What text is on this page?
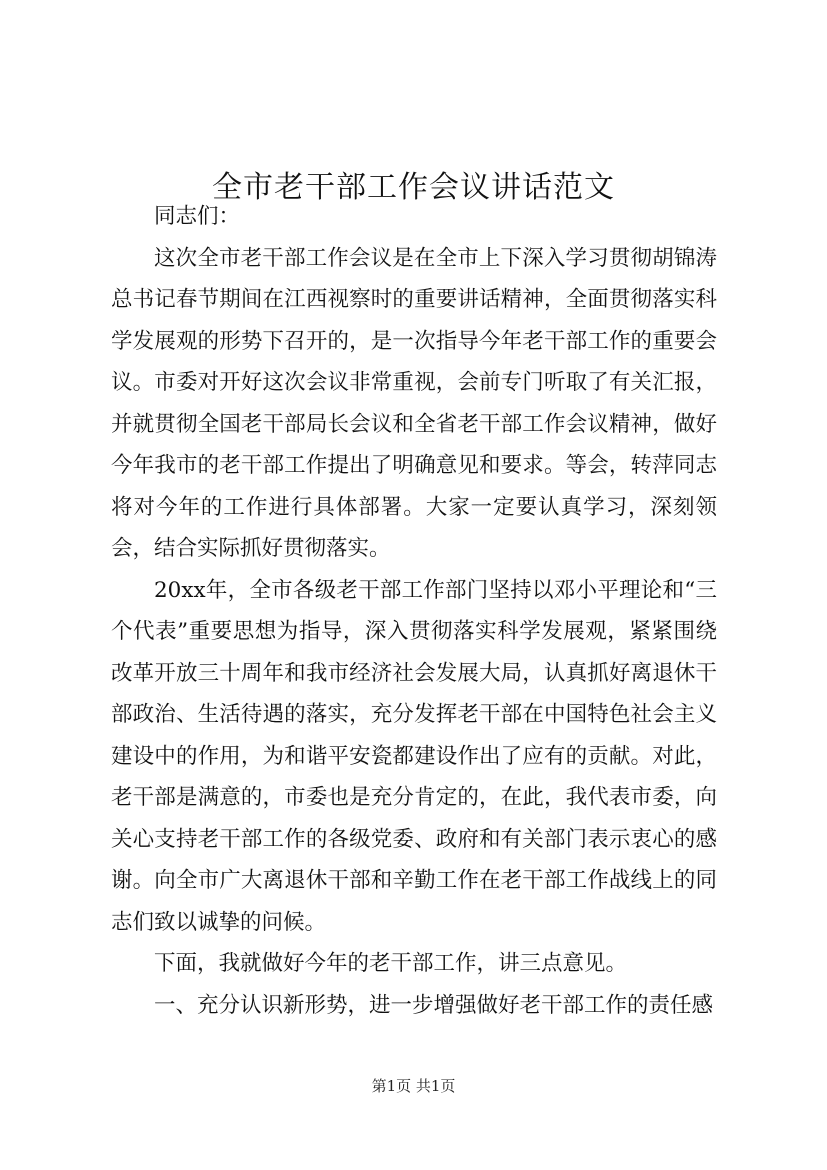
全市老干部工作会议讲话范文

同志们：

这次全市老干部工作会议是在全市上下深入学习贯彻胡锦涛总书记春节期间在江西视察时的重要讲话精神，全面贯彻落实科学发展观的形势下召开的，是一次指导今年老干部工作的重要会议。市委对开好这次会议非常重视，会前专门听取了有关汇报，并就贯彻全国老干部局长会议和全省老干部工作会议精神，做好今年我市的老干部工作提出了明确意见和要求。等会，转萍同志将对今年的工作进行具体部署。大家一定要认真学习，深刻领会，结合实际抓好贯彻落实。

20xx年，全市各级老干部工作部门坚持以邓小平理论和“三个代表”重要思想为指导，深入贯彻落实科学发展观，紧紧围绕改革开放三十周年和我市经济社会发展大局，认真抓好离退休干部政治、生活待遇的落实，充分发挥老干部在中国特色社会主义建设中的作用，为和谐平安瓷都建设作出了应有的贡献。对此，老干部是满意的，市委也是充分肯定的，在此，我代表市委，向关心支持老干部工作的各级党委、政府和有关部门表示衷心的感谢。向全市广大离退休干部和辛勤工作在老干部工作战线上的同志们致以诚挚的问候。

下面，我就做好今年的老干部工作，讲三点意见。

一、充分认识新形势，进一步增强做好老干部工作的责任感

第1页 共1页
